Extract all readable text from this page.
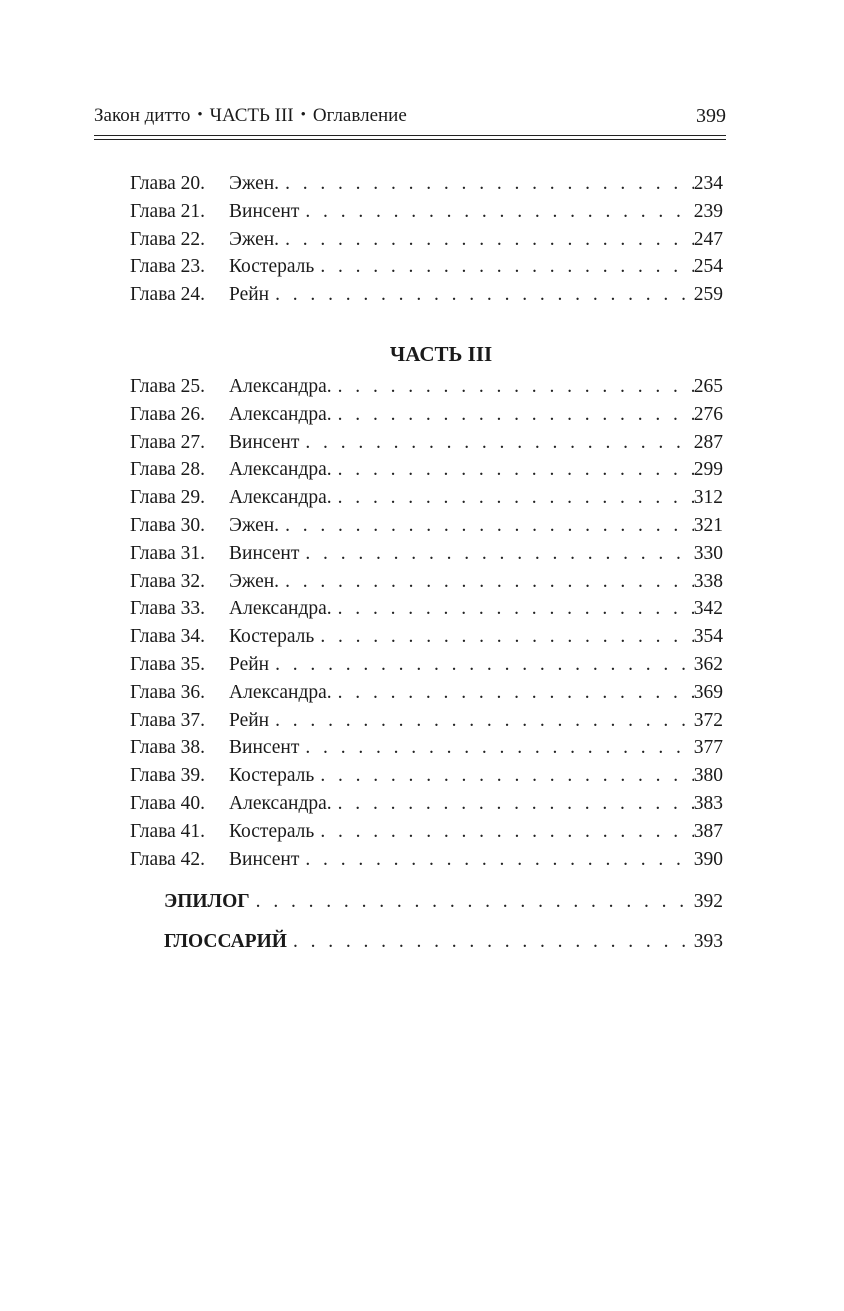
Закон дитто • ЧАСТЬ III • Оглавление	399
Глава 20.	Эжен. . . .	234
Глава 21.	Винсент . . .	239
Глава 22.	Эжен. . . .	247
Глава 23.	Костераль . . .	254
Глава 24.	Рейн . . .	259
ЧАСТЬ III
Глава 25.	Александра. . . .	265
Глава 26.	Александра. . . .	276
Глава 27.	Винсент . . .	287
Глава 28.	Александра. . . .	299
Глава 29.	Александра. . . .	312
Глава 30.	Эжен. . . .	321
Глава 31.	Винсент . . .	330
Глава 32.	Эжен. . . .	338
Глава 33.	Александра. . . .	342
Глава 34.	Костераль . . .	354
Глава 35.	Рейн . . .	362
Глава 36.	Александра. . . .	369
Глава 37.	Рейн . . .	372
Глава 38.	Винсент . . .	377
Глава 39.	Костераль . . .	380
Глава 40.	Александра. . . .	383
Глава 41.	Костераль . . .	387
Глава 42.	Винсент . . .	390
ЭПИЛОГ . . .	392
ГЛОССАРИЙ . . .	393
